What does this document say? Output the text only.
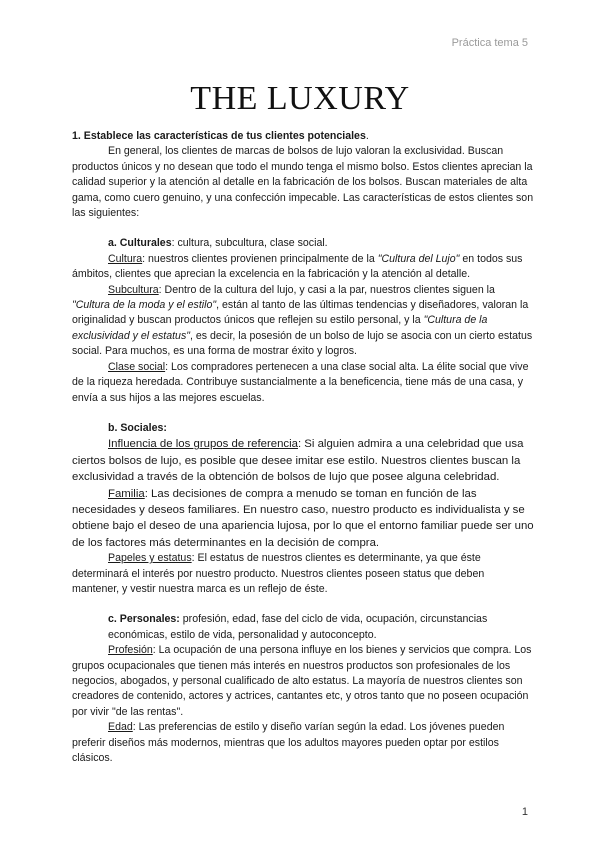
Práctica tema 5
THE LUXURY

1. Establece las características de tus clientes potenciales.

En general, los clientes de marcas de bolsos de lujo valoran la exclusividad. Buscan productos únicos y no desean que todo el mundo tenga el mismo bolso. Estos clientes aprecian la calidad superior y la atención al detalle en la fabricación de los bolsos. Buscan materiales de alta gama, como cuero genuino, y una confección impecable. Las características de estos clientes son las siguientes:

a. Culturales: cultura, subcultura, clase social.

Cultura: nuestros clientes provienen principalmente de la "Cultura del Lujo" en todos sus ámbitos, clientes que aprecian la excelencia en la fabricación y la atención al detalle.

Subcultura: Dentro de la cultura del lujo, y casi a la par, nuestros clientes siguen la "Cultura de la moda y el estilo", están al tanto de las últimas tendencias y diseñadores, valoran la originalidad y buscan productos únicos que reflejen su estilo personal, y la "Cultura de la exclusividad y el estatus", es decir, la posesión de un bolso de lujo se asocia con un cierto estatus social. Para muchos, es una forma de mostrar éxito y logros.

Clase social: Los compradores pertenecen a una clase social alta. La élite social que vive de la riqueza heredada. Contribuye sustancialmente a la beneficencia, tiene más de una casa, y envía a sus hijos a las mejores escuelas.

b. Sociales:

Influencia de los grupos de referencia: Si alguien admira a una celebridad que usa ciertos bolsos de lujo, es posible que desee imitar ese estilo. Nuestros clientes buscan la exclusividad a través de la obtención de bolsos de lujo que posee alguna celebridad.

Familia: Las decisiones de compra a menudo se toman en función de las necesidades y deseos familiares. En nuestro caso, nuestro producto es individualista y se obtiene bajo el deseo de una apariencia lujosa, por lo que el entorno familiar puede ser uno de los factores más determinantes en la decisión de compra.

Papeles y estatus: El estatus de nuestros clientes es determinante, ya que éste determinará el interés por nuestro producto. Nuestros clientes poseen status que deben mantener, y vestir nuestra marca es un reflejo de éste.

c. Personales: profesión, edad, fase del ciclo de vida, ocupación, circunstancias económicas, estilo de vida, personalidad y autoconcepto.

Profesión: La ocupación de una persona influye en los bienes y servicios que compra. Los grupos ocupacionales que tienen más interés en nuestros productos son profesionales de los negocios, abogados, y personal cualificado de alto estatus. La mayoría de nuestros clientes son creadores de contenido, actores y actrices, cantantes etc, y otros tanto que no poseen ocupación por vivir "de las rentas".

Edad: Las preferencias de estilo y diseño varían según la edad. Los jóvenes pueden preferir diseños más modernos, mientras que los adultos mayores pueden optar por estilos clásicos.

1
